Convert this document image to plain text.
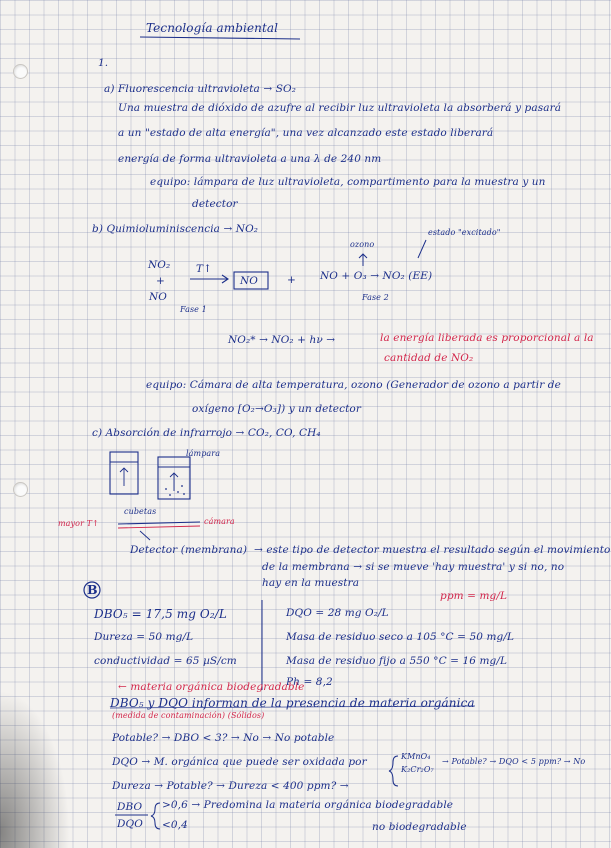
Tecnología ambiental
1.
a) Fluorescencia ultravioleta → SO₂
Una muestra de dióxido de azufre al recibir luz ultravioleta la absorberá y pasará
a un "estado de alta energía", una vez alcanzado este estado liberará
energía de forma ultravioleta a una λ de 240 nm
equipo: lámpara de luz ultravioleta, compartimento para la muestra y un
detector
b) Quimioluminiscencia → NO₂
ozono
estado "excitado"
NO₂
+
NO
T↑
NO	+ NO + O₃ → NO₂ (EE)
Fase 1
Fase 2
NO₂* → NO₂ + hν →	la energía liberada es proporcional a la
cantidad de NO₂
equipo: Cámara de alta temperatura, ozono (Generador de ozono a partir de
oxígeno [O₂→O₃]) y un detector
c) Absorción de infrarrojo → CO₂, CO, CH₄
lámpara
cubetas
mayor T↑	cámara
Detector (membrana) → este tipo de detector muestra el resultado según el movimiento
de la membrana → si se mueve 'hay muestra' y si no, no
hay en la muestra
B	ppm = mg/L
DBO₅ = 17,5 mg O₂/L
Dureza = 50 mg/L
conductividad = 65 µS/cm
DQO = 28 mg O₂/L
Masa de residuo seco a 105 °C = 50 mg/L
Masa de residuo fijo a 550 °C = 16 mg/L
Ph = 8,2
← materia orgánica biodegradable
DBO₅ y DQO informan de la presencia de materia orgánica
(medida de contaminación) (Sólidos)
Potable? → DBO < 3? → No → No potable
DQO → M. orgánica que puede ser oxidada por	KMnO₄
K₂Cr₂O₇
→ Potable? → DQO < 5 ppm? → No
Dureza → Potable? → Dureza < 400 ppm? →
DBO
DQO
>0,6 → Predomina la materia orgánica biodegradable
<0,4	no biodegradable
